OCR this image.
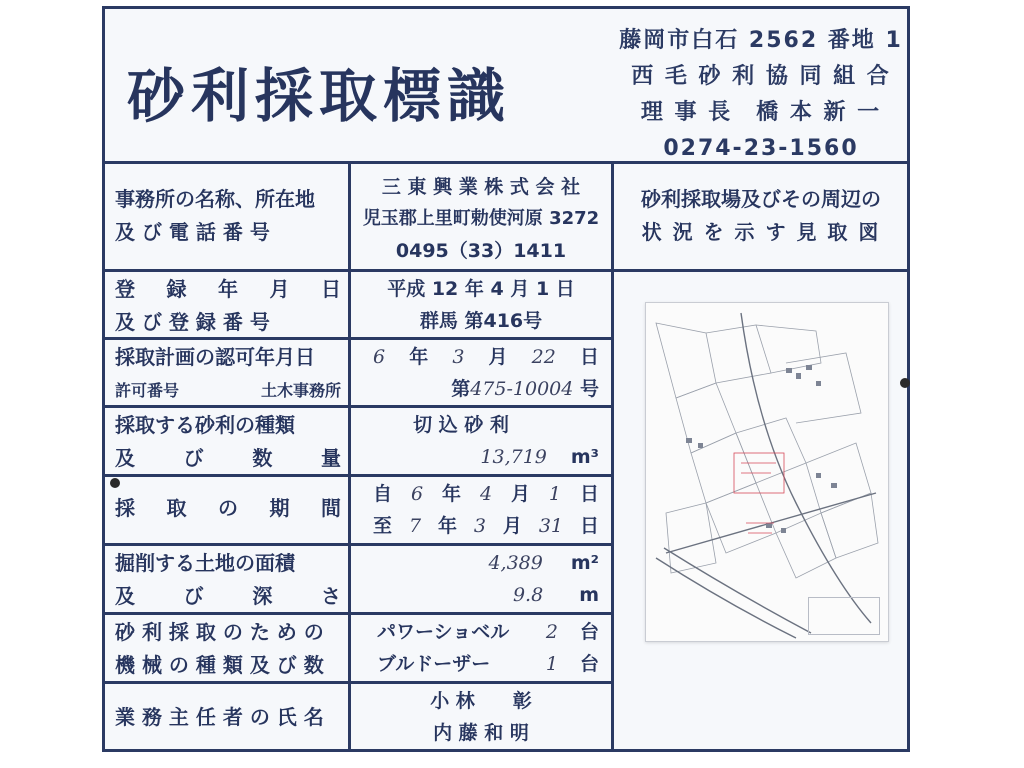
砂利採取標識
藤岡市白石 2562 番地 1
西 毛 砂 利 協 同 組 合
理 事 長　橋 本 新 一
0274-23-1560
事務所の名称、所在地
及 び 電 話 番 号
三 東 興 業 株 式 会 社
児玉郡上里町勅使河原 3272
0495（33）1411
砂利採取場及びその周辺の
状 況 を 示 す 見 取 図
登 録 年 月 日
及 び 登 録 番 号
平成 12 年 4 月 1 日
群馬 第416号
採取計画の認可年月日
許可番号	土木事務所
6 年 3 月 22 日
第475-10004 号
採取する砂利の種類
及 び 数 量
切 込 砂 利
13,719 m³
採 取 の 期 間
自 6 年 4 月 1 日
至 7 年 3 月 31 日
掘削する土地の面積
及 び 深 さ
4,389 m²
9.8 m
砂 利 採 取 の た め の
機 械 の 種 類 及 び 数
パワーショベル 2 台
ブルドーザー	1 台
業 務 主 任 者 の 氏 名
小 林　　彰
内 藤 和 明
